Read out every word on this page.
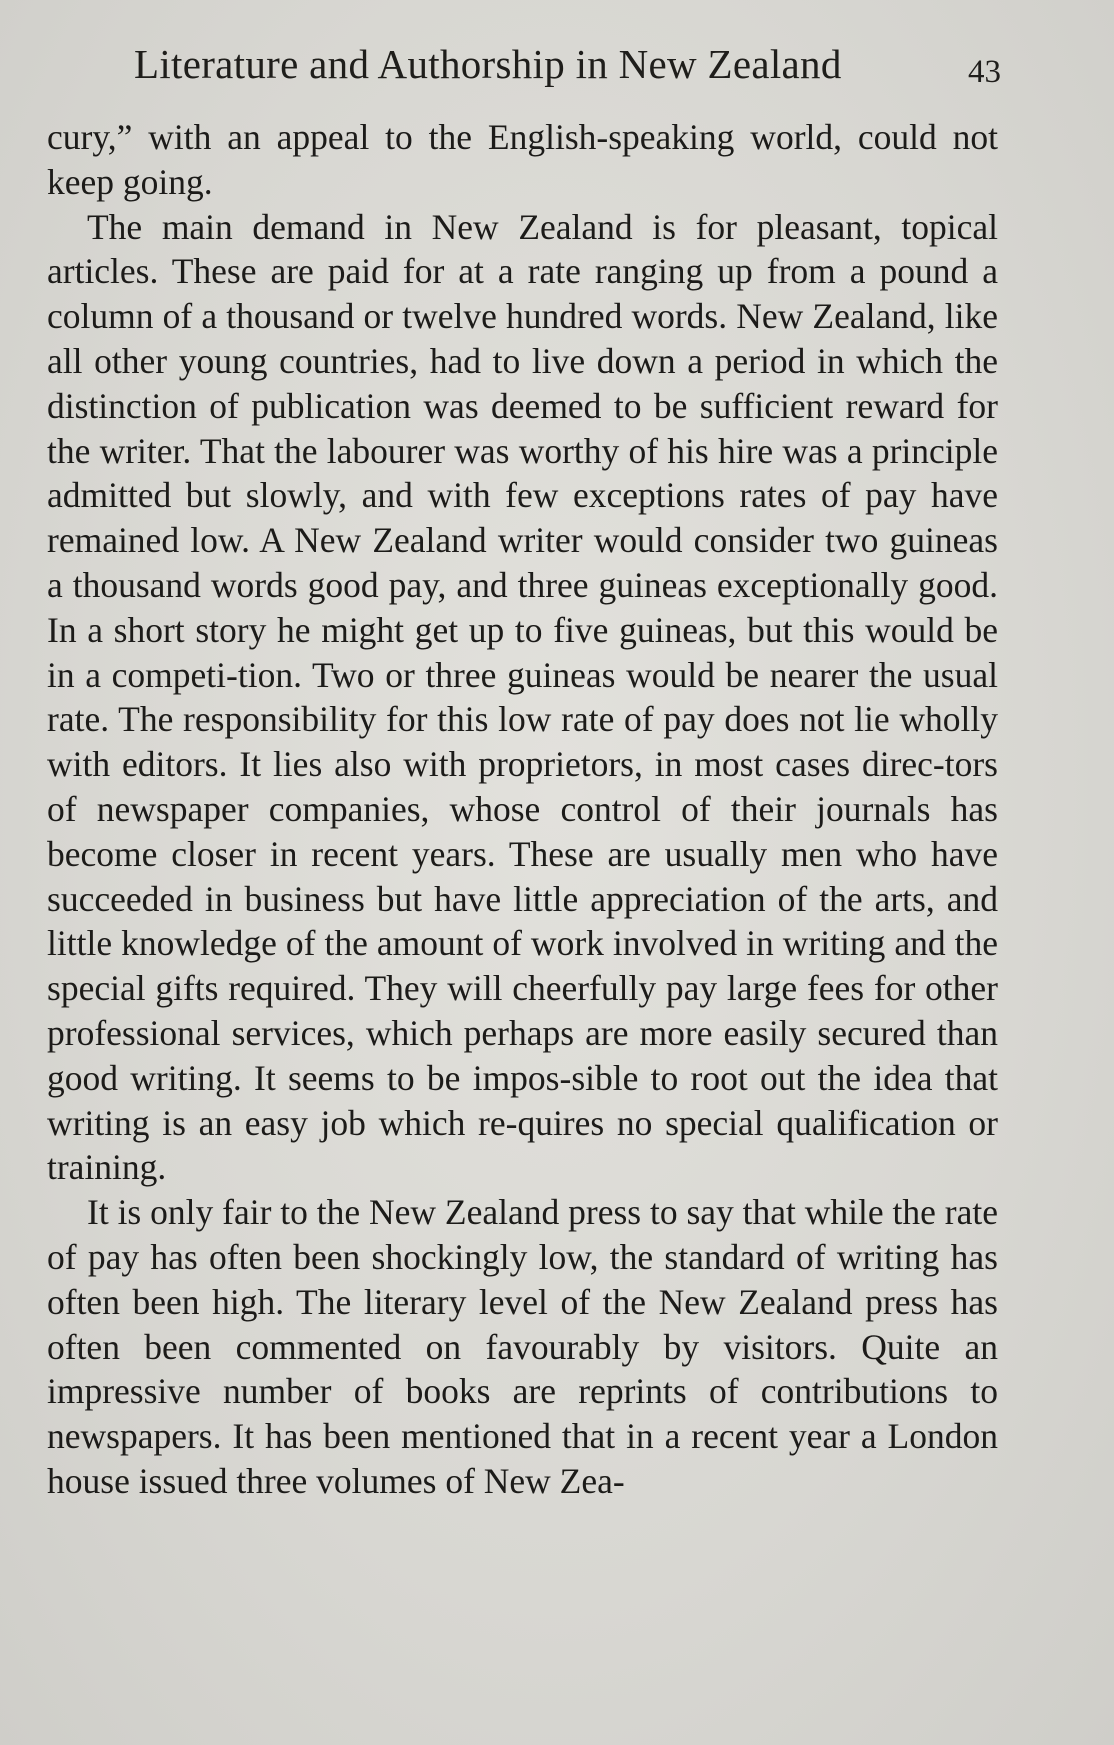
Literature and Authorship in New Zealand	43

cury,” with an appeal to the English-speaking world, could not keep going.

The main demand in New Zealand is for pleasant, topical articles. These are paid for at a rate ranging up from a pound a column of a thousand or twelve hundred words. New Zealand, like all other young countries, had to live down a period in which the distinction of publication was deemed to be sufficient reward for the writer. That the labourer was worthy of his hire was a principle admitted but slowly, and with few exceptions rates of pay have remained low. A New Zealand writer would consider two guineas a thousand words good pay, and three guineas exceptionally good. In a short story he might get up to five guineas, but this would be in a competi-tion. Two or three guineas would be nearer the usual rate. The responsibility for this low rate of pay does not lie wholly with editors. It lies also with proprietors, in most cases direc-tors of newspaper companies, whose control of their journals has become closer in recent years. These are usually men who have succeeded in business but have little appreciation of the arts, and little knowledge of the amount of work involved in writing and the special gifts required. They will cheerfully pay large fees for other professional services, which perhaps are more easily secured than good writing. It seems to be impos-sible to root out the idea that writing is an easy job which re-quires no special qualification or training.

It is only fair to the New Zealand press to say that while the rate of pay has often been shockingly low, the standard of writing has often been high. The literary level of the New Zealand press has often been commented on favourably by visitors. Quite an impressive number of books are reprints of contributions to newspapers. It has been mentioned that in a recent year a London house issued three volumes of New Zea-
